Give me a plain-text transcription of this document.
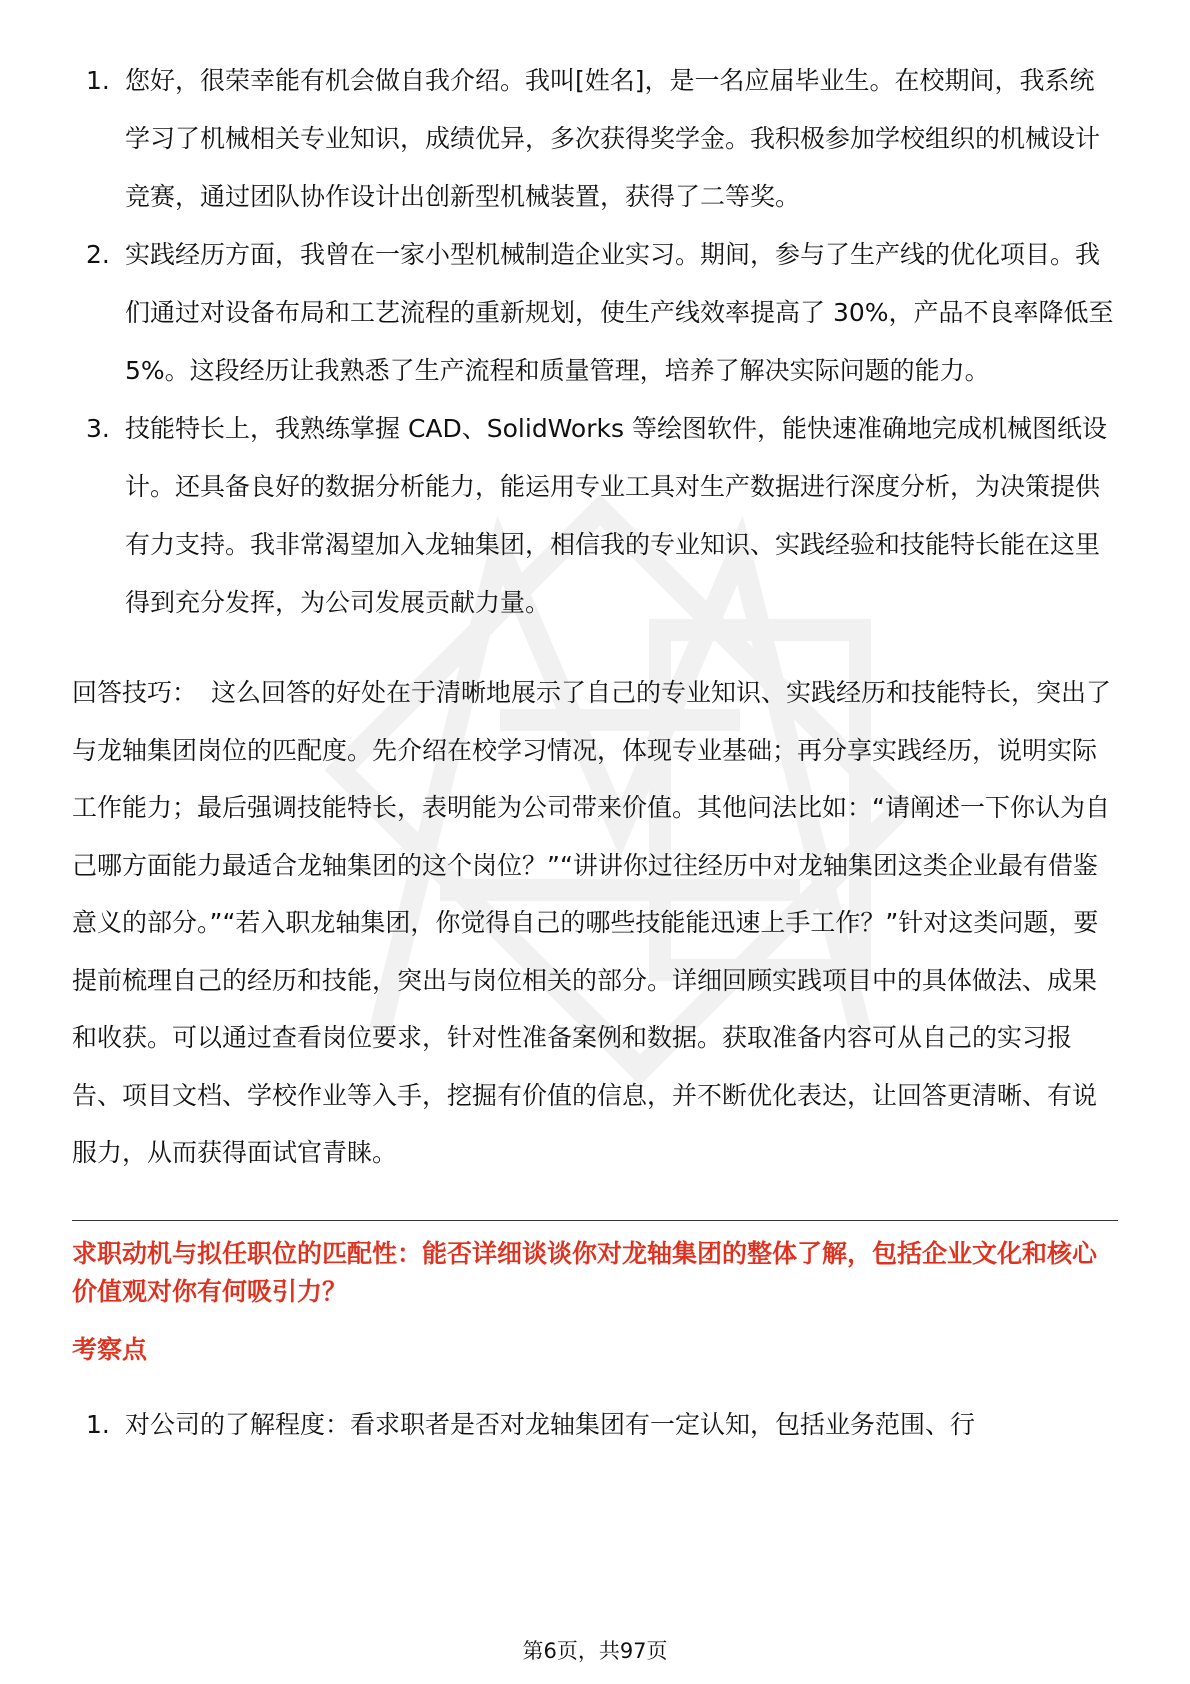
1. 您好，很荣幸能有机会做自我介绍。我叫[姓名]，是一名应届毕业生。在校期间，我系统学习了机械相关专业知识，成绩优异，多次获得奖学金。我积极参加学校组织的机械设计竞赛，通过团队协作设计出创新型机械装置，获得了二等奖。
2. 实践经历方面，我曾在一家小型机械制造企业实习。期间，参与了生产线的优化项目。我们通过对设备布局和工艺流程的重新规划，使生产线效率提高了 30%，产品不良率降低至 5%。这段经历让我熟悉了生产流程和质量管理，培养了解决实际问题的能力。
3. 技能特长上，我熟练掌握 CAD、SolidWorks 等绘图软件，能快速准确地完成机械图纸设计。还具备良好的数据分析能力，能运用专业工具对生产数据进行深度分析，为决策提供有力支持。我非常渴望加入龙轴集团，相信我的专业知识、实践经验和技能特长能在这里得到充分发挥，为公司发展贡献力量。
回答技巧： 这么回答的好处在于清晰地展示了自己的专业知识、实践经历和技能特长，突出了与龙轴集团岗位的匹配度。先介绍在校学习情况，体现专业基础；再分享实践经历，说明实际工作能力；最后强调技能特长，表明能为公司带来价值。其他问法比如：“请阐述一下你认为自己哪方面能力最适合龙轴集团的这个岗位？”“讲讲你过往经历中对龙轴集团这类企业最有借鉴意义的部分。”“若入职龙轴集团，你觉得自己的哪些技能能迅速上手工作？”针对这类问题，要提前梳理自己的经历和技能，突出与岗位相关的部分。详细回顾实践项目中的具体做法、成果和收获。可以通过查看岗位要求，针对性准备案例和数据。获取准备内容可从自己的实习报告、项目文档、学校作业等入手，挖掘有价值的信息，并不断优化表达，让回答更清晰、有说服力，从而获得面试官青睐。
求职动机与拟任职位的匹配性：能否详细谈谈你对龙轴集团的整体了解，包括企业文化和核心价值观对你有何吸引力？
考察点
1. 对公司的了解程度：看求职者是否对龙轴集团有一定认知，包括业务范围、行
第6页，共97页
